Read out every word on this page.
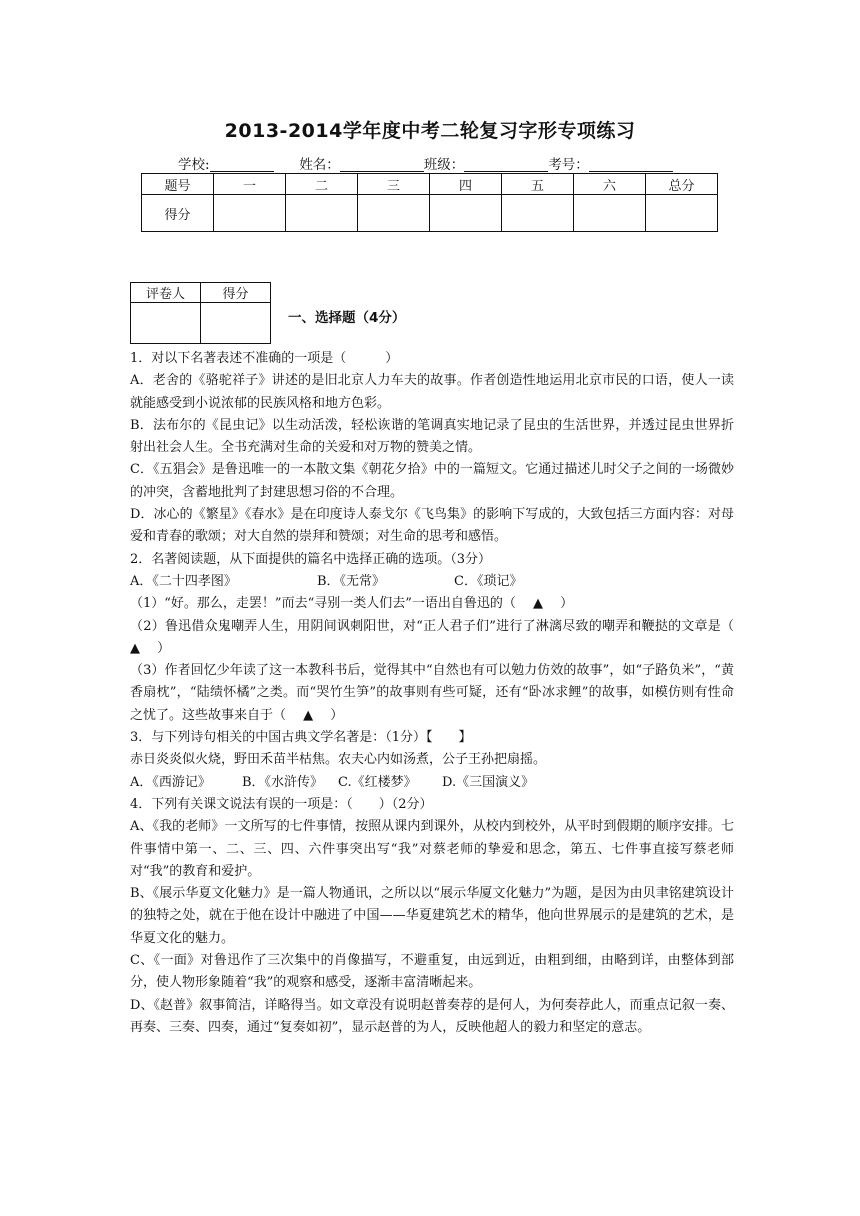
2013-2014学年度中考二轮复习字形专项练习
学校:	姓名：	班级：	考号：
题号	一	二	三	四	五	六	总分
得分							
评卷人	得分

一、选择题（4分）

1．对以下名著表述不准确的一项是（　　　）

A．老舍的《骆驼祥子》讲述的是旧北京人力车夫的故事。作者创造性地运用北京市民的口语，使人一读就能感受到小说浓郁的民族风格和地方色彩。

B．法布尔的《昆虫记》以生动活泼，轻松诙谐的笔调真实地记录了昆虫的生活世界，并透过昆虫世界折射出社会人生。全书充满对生命的关爱和对万物的赞美之情。

C．《五猖会》是鲁迅唯一的一本散文集《朝花夕拾》中的一篇短文。它通过描述儿时父子之间的一场微妙的冲突，含蓄地批判了封建思想习俗的不合理。

D．冰心的《繁星》《春水》是在印度诗人泰戈尔《飞鸟集》的影响下写成的，大致包括三方面内容：对母爱和青春的歌颂；对大自然的崇拜和赞颂；对生命的思考和感悟。

2．名著阅读题，从下面提供的篇名中选择正确的选项。（3分）

A．《二十四孝图》	B．《无常》	C．《琐记》

（1）“好。那么，走罢！”而去“寻别一类人们去”一语出自鲁迅的（　 ▲　 ）

（2）鲁迅借众鬼嘲弄人生，用阴间讽刺阳世，对“正人君子们”进行了淋漓尽致的嘲弄和鞭挞的文章是（　 ▲　 ）

（3）作者回忆少年读了这一本教科书后，觉得其中“自然也有可以勉力仿效的故事”，如“子路负米”，“黄香扇枕”，“陆绩怀橘”之类。而“哭竹生笋”的故事则有些可疑，还有“卧冰求鲤”的故事，如模仿则有性命之忧了。这些故事来自于（　 ▲　 ）

3．与下列诗句相关的中国古典文学名著是：（1分）【　　】

赤日炎炎似火烧，野田禾苗半枯焦。农夫心内如汤煮，公子王孙把扇摇。

A．《西游记》 B．《水浒传》 C.《红楼梦》 D.《三国演义》

4．下列有关课文说法有误的一项是：（　　）（2分）

A、《我的老师》一文所写的七件事情，按照从课内到课外，从校内到校外，从平时到假期的顺序安排。七件事情中第一、二、三、四、六件事突出写“我”对蔡老师的挚爱和思念，第五、七件事直接写蔡老师对“我”的教育和爱护。

B、《展示华夏文化魅力》是一篇人物通讯，之所以以“展示华厦文化魅力”为题，是因为由贝聿铭建筑设计的独特之处，就在于他在设计中融进了中国——华夏建筑艺术的精华，他向世界展示的是建筑的艺术，是华夏文化的魅力。

C、《一面》对鲁迅作了三次集中的肖像描写，不避重复，由远到近，由粗到细，由略到详，由整体到部分，使人物形象随着“我”的观察和感受，逐渐丰富清晰起来。

D、《赵普》叙事简洁，详略得当。如文章没有说明赵普奏荐的是何人，为何奏荐此人，而重点记叙一奏、再奏、三奏、四奏，通过“复奏如初”，显示赵普的为人，反映他超人的毅力和坚定的意志。
